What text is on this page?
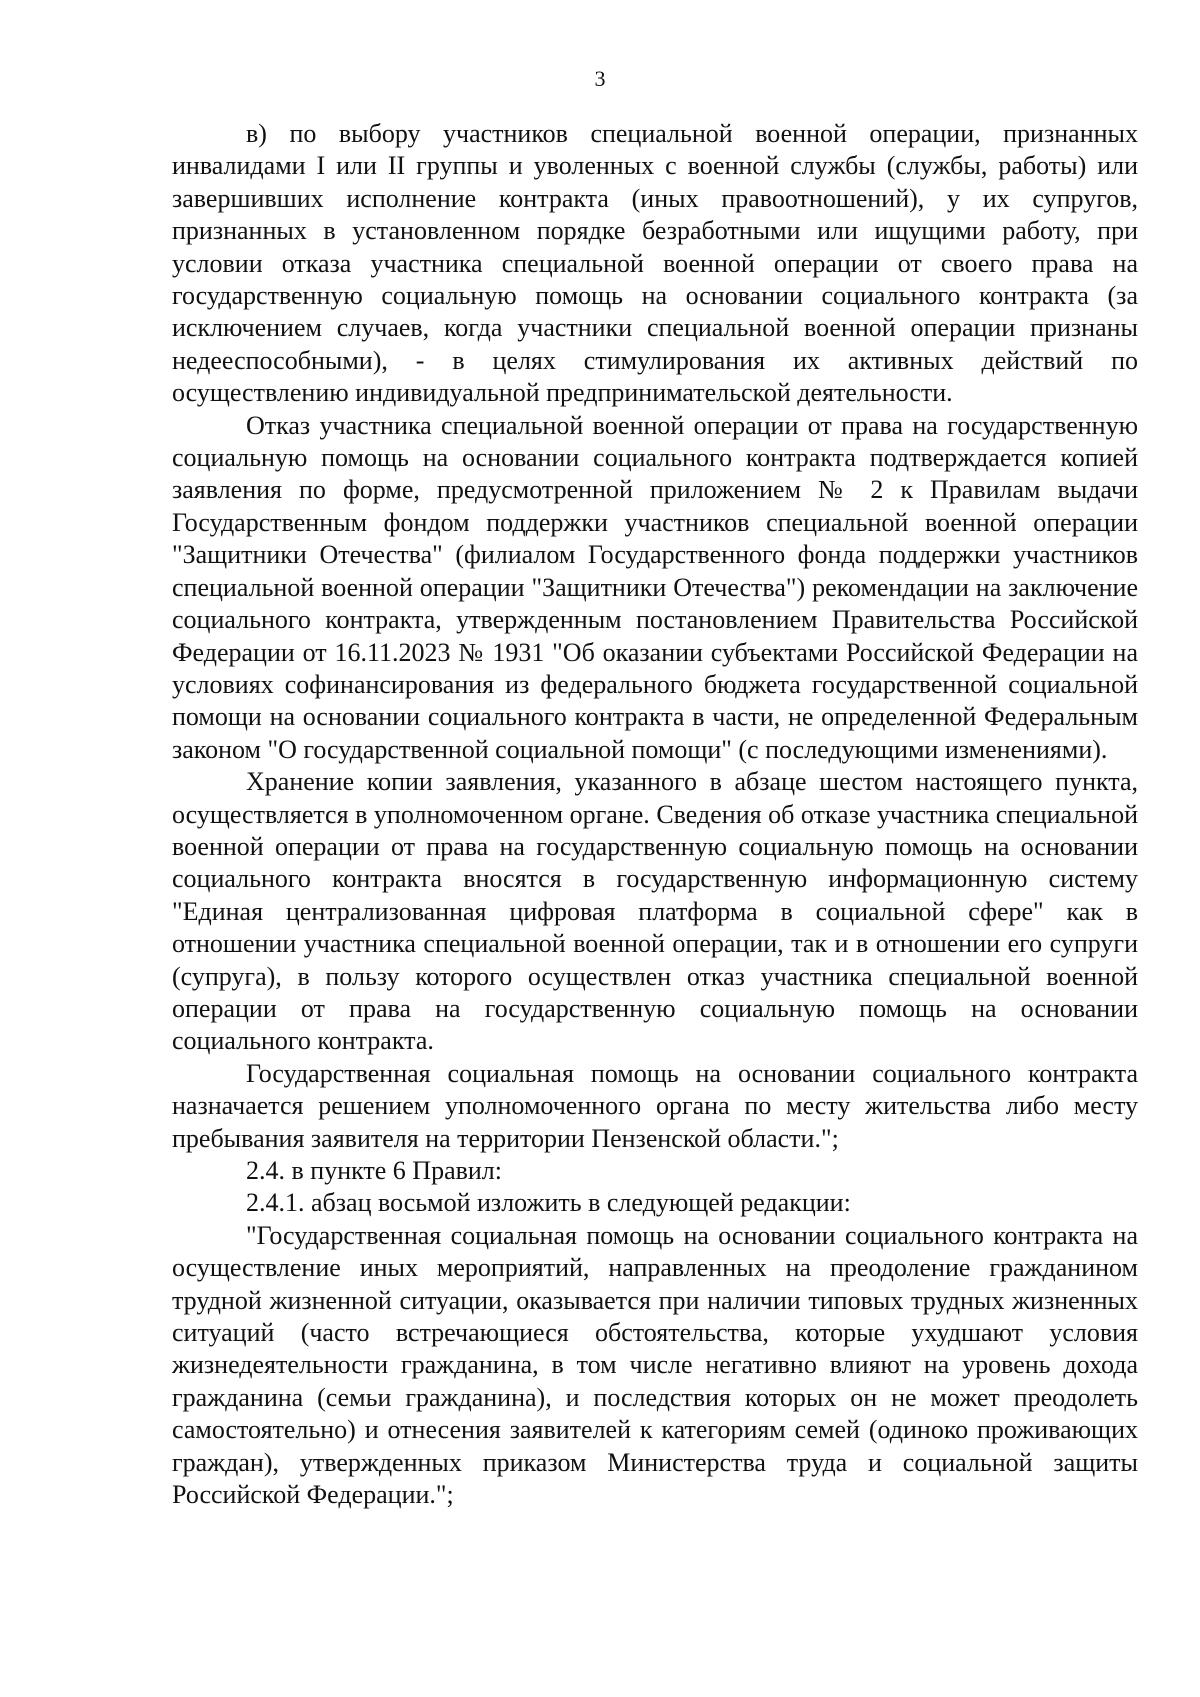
3

в) по выбору участников специальной военной операции, признанных инвалидами I или II группы и уволенных с военной службы (службы, работы) или завершивших исполнение контракта (иных правоотношений), у их супругов, признанных в установленном порядке безработными или ищущими работу, при условии отказа участника специальной военной операции от своего права на государственную социальную помощь на основании социального контракта (за исключением случаев, когда участники специальной военной операции признаны недееспособными), - в целях стимулирования их активных действий по осуществлению индивидуальной предпринимательской деятельности.

Отказ участника специальной военной операции от права на государственную социальную помощь на основании социального контракта подтверждается копией заявления по форме, предусмотренной приложением № 2 к Правилам выдачи Государственным фондом поддержки участников специальной военной операции "Защитники Отечества" (филиалом Государственного фонда поддержки участников специальной военной операции "Защитники Отечества") рекомендации на заключение социального контракта, утвержденным постановлением Правительства Российской Федерации от 16.11.2023 № 1931 "Об оказании субъектами Российской Федерации на условиях софинансирования из федерального бюджета государственной социальной помощи на основании социального контракта в части, не определенной Федеральным законом "О государственной социальной помощи" (с последующими изменениями).

Хранение копии заявления, указанного в абзаце шестом настоящего пункта, осуществляется в уполномоченном органе. Сведения об отказе участника специальной военной операции от права на государственную социальную помощь на основании социального контракта вносятся в государственную информационную систему "Единая централизованная цифровая платформа в социальной сфере" как в отношении участника специальной военной операции, так и в отношении его супруги (супруга), в пользу которого осуществлен отказ участника специальной военной операции от права на государственную социальную помощь на основании социального контракта.

Государственная социальная помощь на основании социального контракта назначается решением уполномоченного органа по месту жительства либо месту пребывания заявителя на территории Пензенской области.";

2.4. в пункте 6 Правил:

2.4.1. абзац восьмой изложить в следующей редакции:

"Государственная социальная помощь на основании социального контракта на осуществление иных мероприятий, направленных на преодоление гражданином трудной жизненной ситуации, оказывается при наличии типовых трудных жизненных ситуаций (часто встречающиеся обстоятельства, которые ухудшают условия жизнедеятельности гражданина, в том числе негативно влияют на уровень дохода гражданина (семьи гражданина), и последствия которых он не может преодолеть самостоятельно) и отнесения заявителей к категориям семей (одиноко проживающих граждан), утвержденных приказом Министерства труда и социальной защиты Российской Федерации.";
